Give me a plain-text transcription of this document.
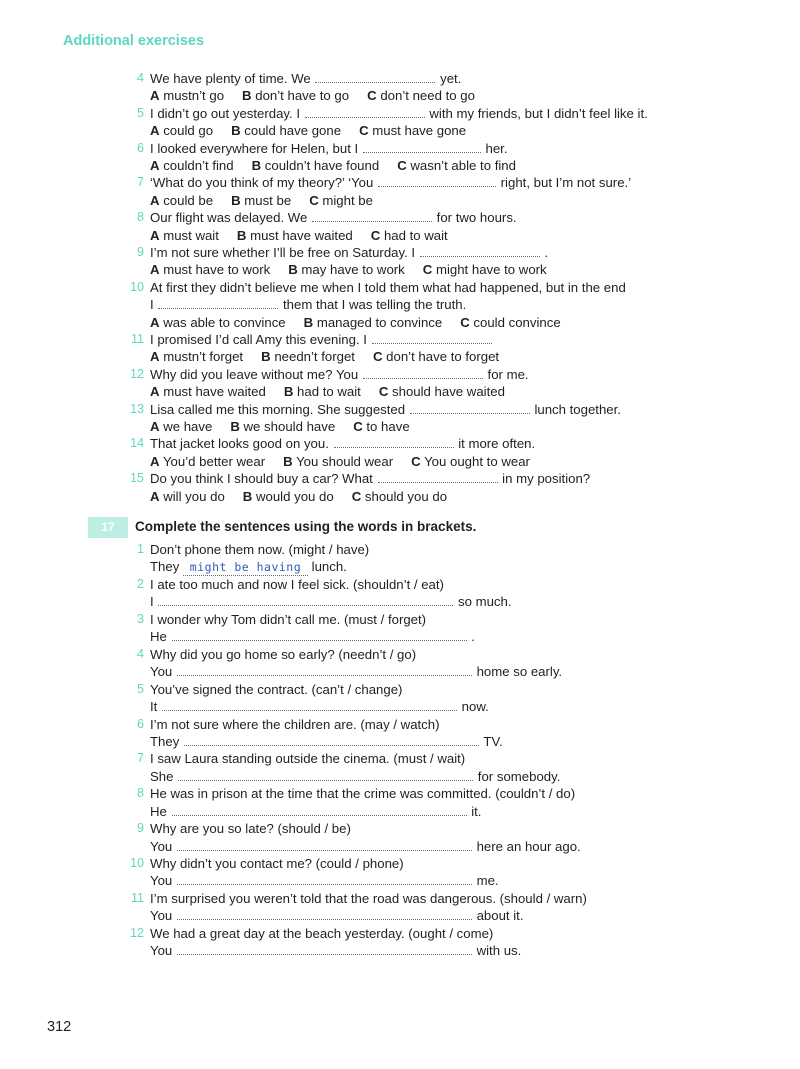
Additional exercises
4 We have plenty of time. We	yet.
A mustn’t go B don’t have to go C don’t need to go
5 I didn’t go out yesterday. I	with my friends, but I didn’t feel like it.
A could go B could have gone C must have gone
6 I looked everywhere for Helen, but I	her.
A couldn’t find B couldn’t have found C wasn’t able to find
7 ‘What do you think of my theory?’ ‘You	right, but I’m not sure.’
A could be B must be C might be
8 Our flight was delayed. We	for two hours.
A must wait B must have waited C had to wait
9 I’m not sure whether I’ll be free on Saturday. I	.
A must have to work B may have to work C might have to work
10 At first they didn’t believe me when I told them what had happened, but in the end
I	them that I was telling the truth.
A was able to convince B managed to convince C could convince
11 I promised I’d call Amy this evening. I
A mustn’t forget B needn’t forget C don’t have to forget
12 Why did you leave without me? You	for me.
A must have waited B had to wait C should have waited
13 Lisa called me this morning. She suggested	lunch together.
A we have B we should have C to have
14 That jacket looks good on you.	it more often.
A You’d better wear B You should wear C You ought to wear
15 Do you think I should buy a car? What	in my position?
A will you do B would you do C should you do
17	Complete the sentences using the words in brackets.
1 Don’t phone them now. (might / have)
They might be having lunch.
2 I ate too much and now I feel sick. (shouldn’t / eat)
I	so much.
3 I wonder why Tom didn’t call me. (must / forget)
He	.
4 Why did you go home so early? (needn’t / go)
You	home so early.
5 You’ve signed the contract. (can’t / change)
It	now.
6 I’m not sure where the children are. (may / watch)
They	TV.
7 I saw Laura standing outside the cinema. (must / wait)
She	for somebody.
8 He was in prison at the time that the crime was committed. (couldn’t / do)
He	it.
9 Why are you so late? (should / be)
You	here an hour ago.
10 Why didn’t you contact me? (could / phone)
You	me.
11 I’m surprised you weren’t told that the road was dangerous. (should / warn)
You	about it.
12 We had a great day at the beach yesterday. (ought / come)
You	with us.
312
